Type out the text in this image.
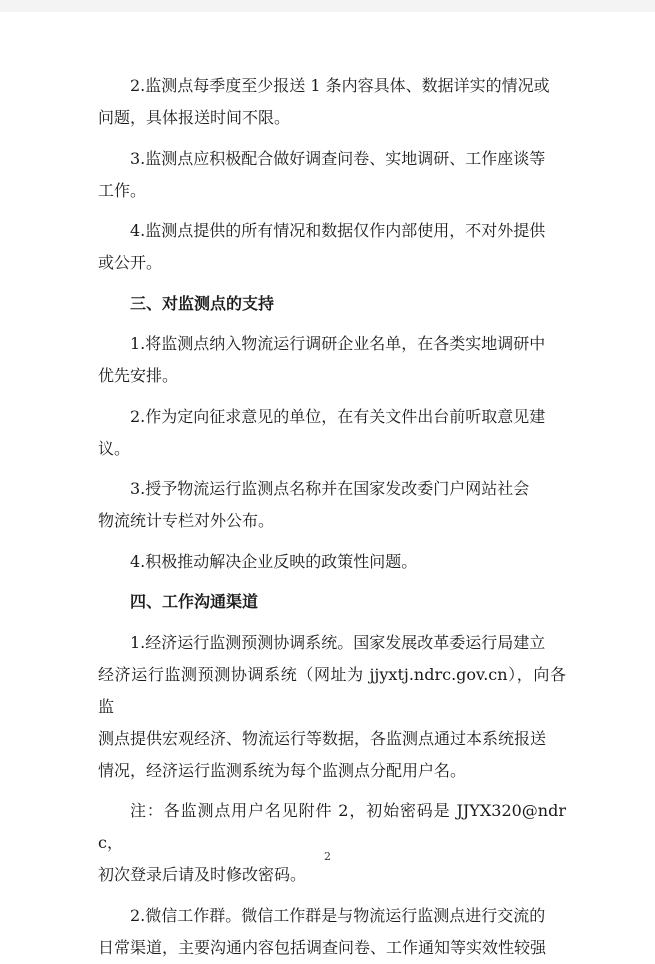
2.监测点每季度至少报送 1 条内容具体、数据详实的情况或
问题，具体报送时间不限。

3.监测点应积极配合做好调查问卷、实地调研、工作座谈等
工作。

4.监测点提供的所有情况和数据仅作内部使用，不对外提供
或公开。

三、对监测点的支持

1.将监测点纳入物流运行调研企业名单，在各类实地调研中
优先安排。

2.作为定向征求意见的单位，在有关文件出台前听取意见建
议。

3.授予物流运行监测点名称并在国家发改委门户网站社会
物流统计专栏对外公布。

4.积极推动解决企业反映的政策性问题。

四、工作沟通渠道

1.经济运行监测预测协调系统。国家发展改革委运行局建立
经济运行监测预测协调系统（网址为 jjyxtj.ndrc.gov.cn），向各监
测点提供宏观经济、物流运行等数据，各监测点通过本系统报送
情况，经济运行监测系统为每个监测点分配用户名。

注：各监测点用户名见附件 2，初始密码是 JJYX320@ndrc，
初次登录后请及时修改密码。

2.微信工作群。微信工作群是与物流运行监测点进行交流的
日常渠道，主要沟通内容包括调查问卷、工作通知等实效性较强

2
